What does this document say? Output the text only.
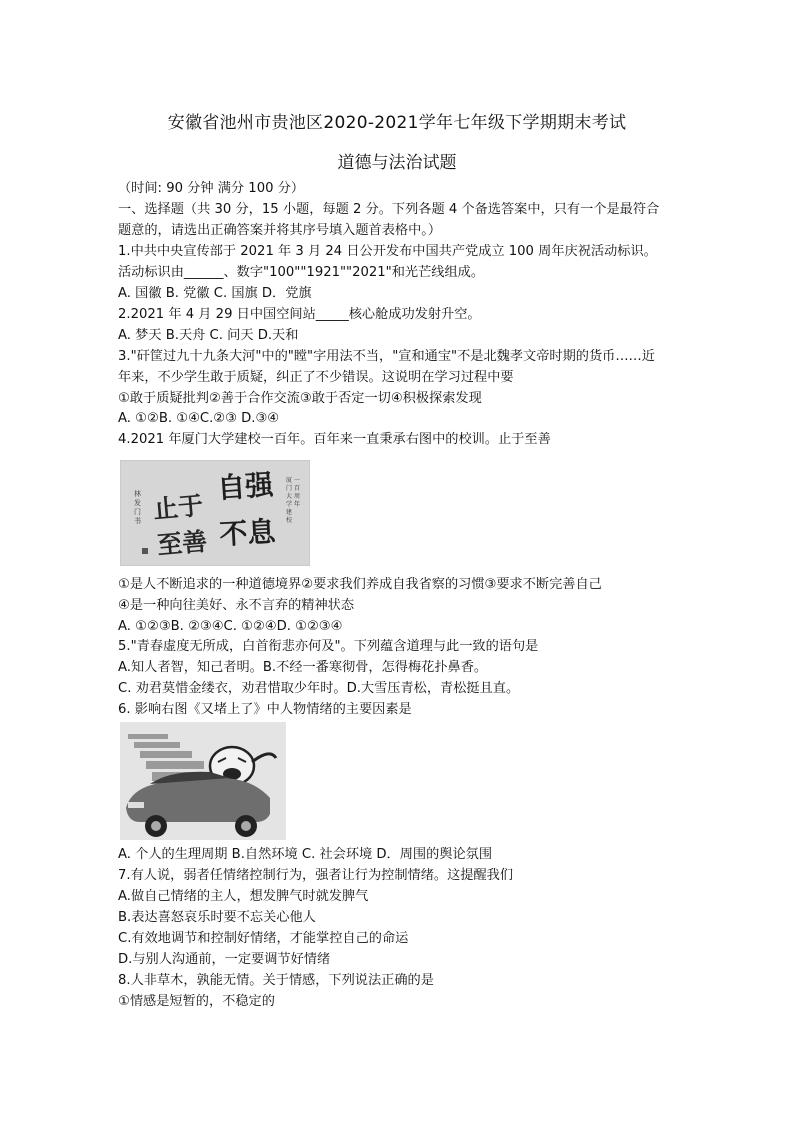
安徽省池州市贵池区2020-2021学年七年级下学期期末考试
道德与法治试题
（时间: 90 分钟 满分 100 分）
一、选择题（共 30 分，15 小题，每题 2 分。下列各题 4 个备选答案中，只有一个是最符合
题意的，请选出正确答案并将其序号填入题首表格中。）
1.中共中央宣传部于 2021 年 3 月 24 日公开发布中国共产党成立 100 周年庆祝活动标识。
活动标识由______、数字"100""1921""2021"和光芒线组成。
A. 国徽 B. 党徽 C. 国旗 D．党旗
2.2021 年 4 月 29 日中国空间站_____核心舱成功发射升空。
A. 梦天 B.天舟 C. 问天 D.天和
3."矸筐过九十九条大河"中的"瞠"字用法不当，"宣和通宝"不是北魏孝文帝时期的货币……近
年来，不少学生敢于质疑，纠正了不少错误。这说明在学习过程中要
①敢于质疑批判②善于合作交流③敢于否定一切④积极探索发现
A. ①②B. ①④C.②③ D.③④
4.2021 年厦门大学建校一百年。百年来一直秉承右图中的校训。止于至善
自强
不息
止于
至善
厦
门
大
学
建
校
一
百
周
年
林
发
门
书
①是人不断追求的一种道德境界②要求我们养成自我省察的习惯③要求不断完善自己
④是一种向往美好、永不言弃的精神状态
A. ①②③B. ②③④C. ①②④D. ①②③④
5."青春虚度无所成，白首衔悲亦何及"。下列蕴含道理与此一致的语句是
A.知人者智，知己者明。B.不经一番寒彻骨，怎得梅花扑鼻香。
C. 劝君莫惜金缕衣，劝君惜取少年时。D.大雪压青松，青松挺且直。
6. 影响右图《又堵上了》中人物情绪的主要因素是
A. 个人的生理周期 B.自然环境 C. 社会环境 D．周围的舆论氛围
7.有人说，弱者任情绪控制行为，强者让行为控制情绪。这提醒我们
A.做自己情绪的主人，想发脾气时就发脾气
B.表达喜怒哀乐时要不忘关心他人
C.有效地调节和控制好情绪，才能掌控自己的命运
D.与别人沟通前，一定要调节好情绪
8.人非草木，孰能无情。关于情感，下列说法正确的是
①情感是短暂的，不稳定的
